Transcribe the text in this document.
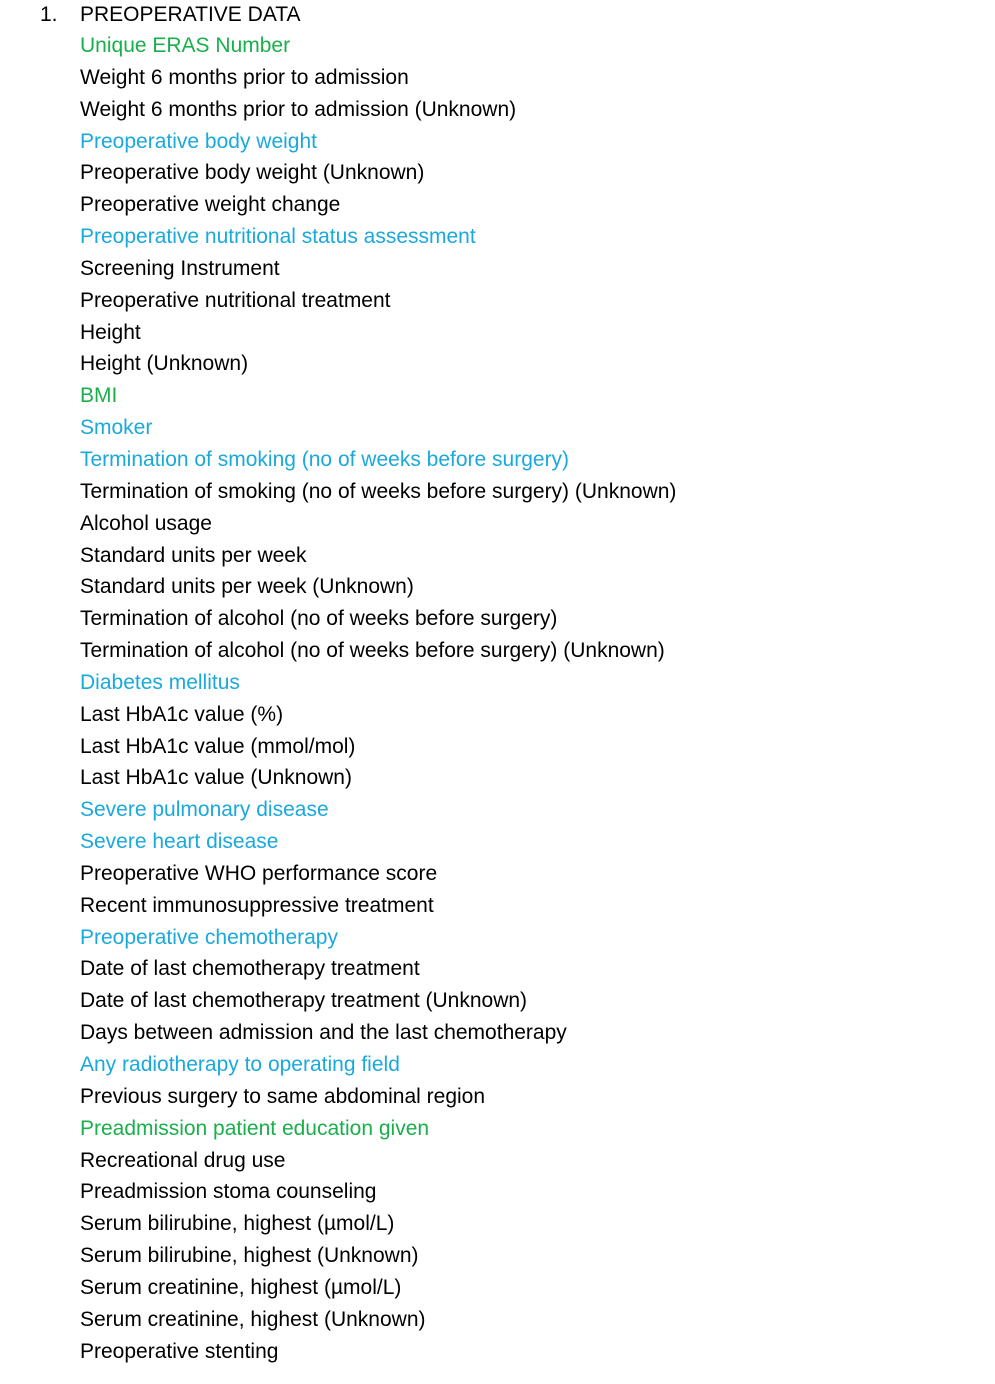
1. PREOPERATIVE DATA
Unique ERAS Number
Weight 6 months prior to admission
Weight 6 months prior to admission (Unknown)
Preoperative body weight
Preoperative body weight (Unknown)
Preoperative weight change
Preoperative nutritional status assessment
Screening Instrument
Preoperative nutritional treatment
Height
Height (Unknown)
BMI
Smoker
Termination of smoking (no of weeks before surgery)
Termination of smoking (no of weeks before surgery) (Unknown)
Alcohol usage
Standard units per week
Standard units per week (Unknown)
Termination of alcohol (no of weeks before surgery)
Termination of alcohol (no of weeks before surgery) (Unknown)
Diabetes mellitus
Last HbA1c value (%)
Last HbA1c value (mmol/mol)
Last HbA1c value (Unknown)
Severe pulmonary disease
Severe heart disease
Preoperative WHO performance score
Recent immunosuppressive treatment
Preoperative chemotherapy
Date of last chemotherapy treatment
Date of last chemotherapy treatment (Unknown)
Days between admission and the last chemotherapy
Any radiotherapy to operating field
Previous surgery to same abdominal region
Preadmission patient education given
Recreational drug use
Preadmission stoma counseling
Serum bilirubine, highest (µmol/L)
Serum bilirubine, highest (Unknown)
Serum creatinine, highest (µmol/L)
Serum creatinine, highest (Unknown)
Preoperative stenting
